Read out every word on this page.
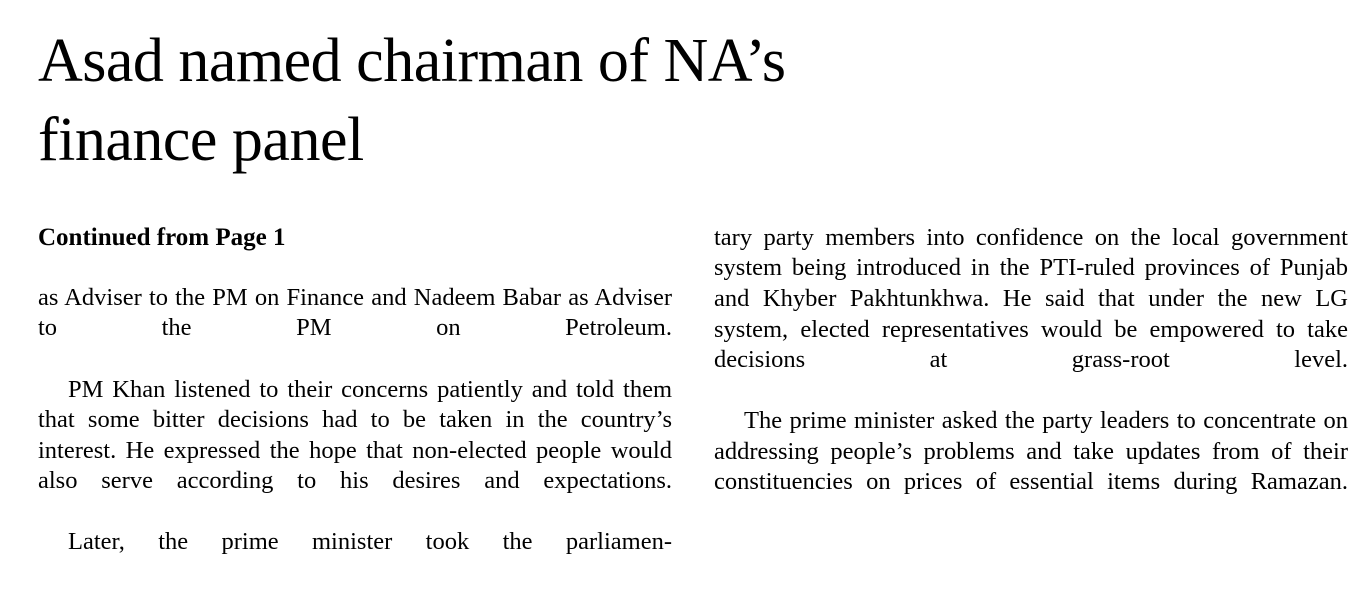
Asad named chairman of NA’s
finance panel

Continued from Page 1

as Adviser to the PM on Finance and Nadeem Babar as Adviser to the PM on Petroleum.

PM Khan listened to their concerns patiently and told them that some bitter decisions had to be taken in the country’s interest. He expressed the hope that non-elected people would also serve according to his desires and expectations.

Later, the prime minister took the parliamen-

tary party members into confidence on the local government system being introduced in the PTI-ruled provinces of Punjab and Khyber Pakhtunkhwa. He said that under the new LG system, elected representatives would be empowered to take decisions at grass-root level.

The prime minister asked the party leaders to concentrate on addressing people’s problems and take updates from of their constituencies on prices of essential items during Ramazan.
